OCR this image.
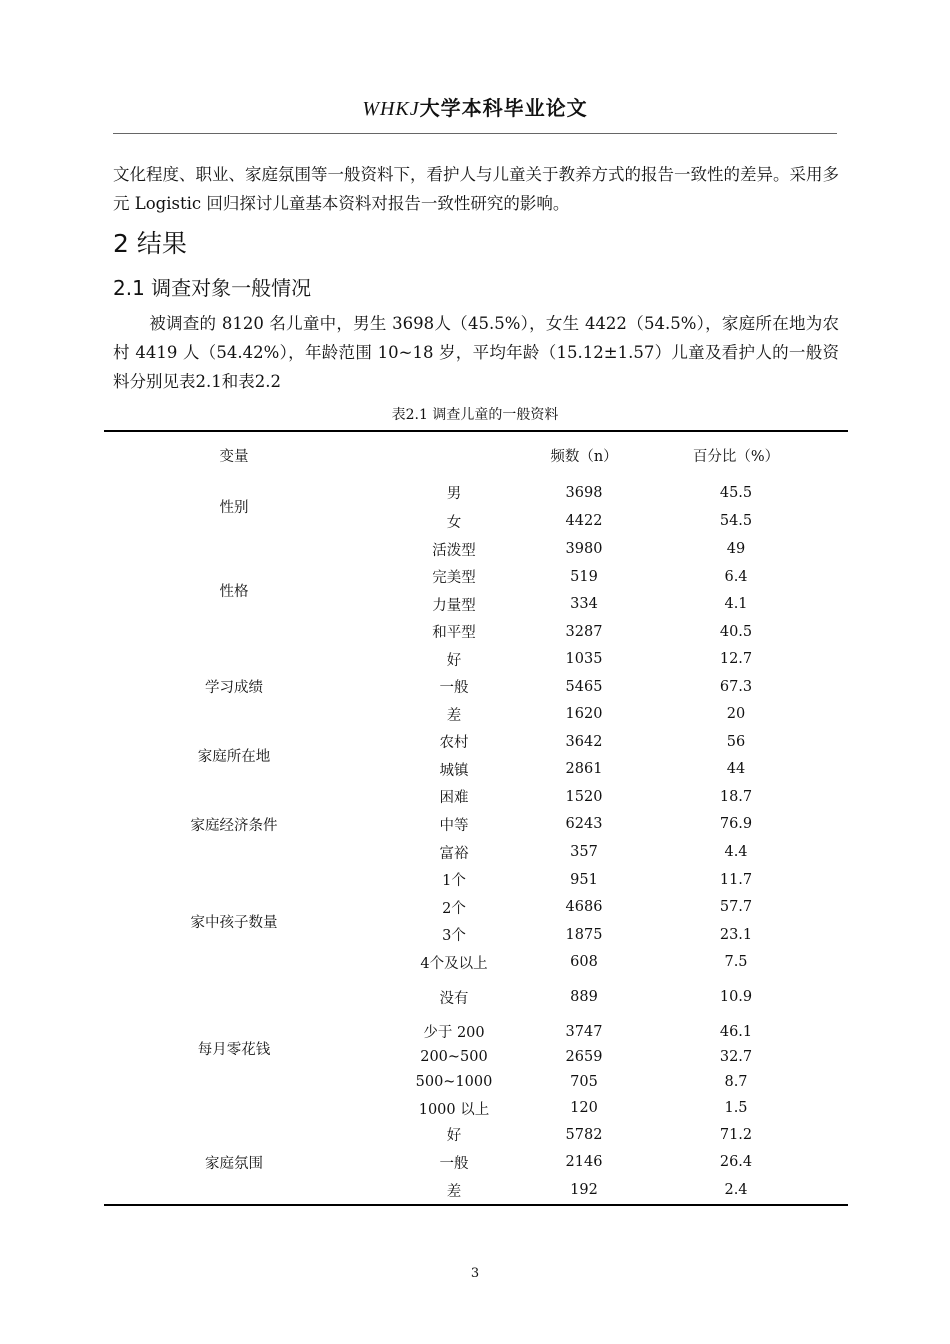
WHKJ大学本科毕业论文
文化程度、职业、家庭氛围等一般资料下，看护人与儿童关于教养方式的报告一致性的差异。采用多元 Logistic 回归探讨儿童基本资料对报告一致性研究的影响。
2 结果
2.1 调查对象一般情况
被调查的 8120 名儿童中，男生 3698人（45.5%），女生 4422（54.5%），家庭所在地为农村 4419 人（54.42%），年龄范围 10~18 岁，平均年龄（15.12±1.57）儿童及看护人的一般资料分别见表2.1和表2.2
表2.1 调查儿童的一般资料
变量		频数（n）	百分比（%）
性别	男	3698	45.5
	女	4422	54.5
性格	活泼型	3980	49
	完美型	519	6.4
	力量型	334	4.1
	和平型	3287	40.5
学习成绩	好	1035	12.7
	一般	5465	67.3
	差	1620	20
家庭所在地	农村	3642	56
	城镇	2861	44
家庭经济条件	困难	1520	18.7
	中等	6243	76.9
	富裕	357	4.4
家中孩子数量	1个	951	11.7
	2个	4686	57.7
	3个	1875	23.1
	4个及以上	608	7.5
每月零花钱	没有	889	10.9
	少于 200	3747	46.1
	200~500	2659	32.7
	500~1000	705	8.7
	1000 以上	120	1.5
家庭氛围	好	5782	71.2
	一般	2146	26.4
	差	192	2.4
3
